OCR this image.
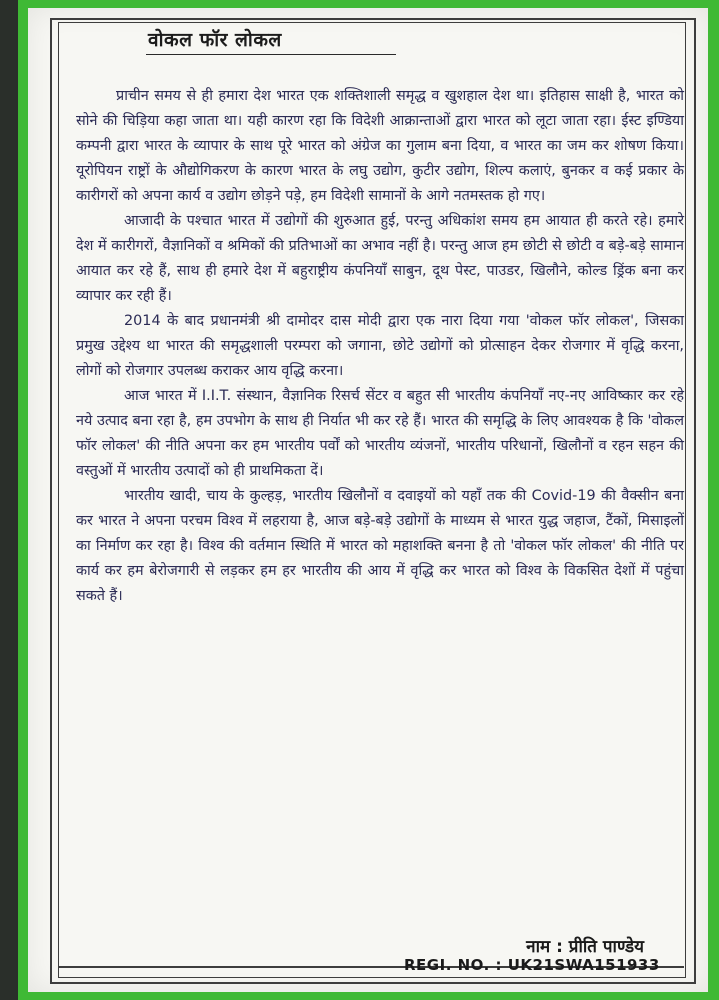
वोकल फॉर लोकल

प्राचीन समय से ही हमारा देश भारत एक शक्तिशाली समृद्ध व खुशहाल देश था। इतिहास साक्षी है, भारत को सोने की चिड़िया कहा जाता था। यही कारण रहा कि विदेशी आक्रान्ताओं द्वारा भारत को लूटा जाता रहा। ईस्ट इण्डिया कम्पनी द्वारा भारत के व्यापार के साथ पूरे भारत को अंग्रेज का गुलाम बना दिया, व भारत का जम कर शोषण किया। यूरोपियन राष्ट्रों के औद्योगिकरण के कारण भारत के लघु उद्योग, कुटीर उद्योग, शिल्प कलाएं, बुनकर व कई प्रकार के कारीगरों को अपना कार्य व उद्योग छोड़ने पड़े, हम विदेशी सामानों के आगे नतमस्तक हो गए।

आजादी के पश्चात भारत में उद्योगों की शुरुआत हुई, परन्तु अधिकांश समय हम आयात ही करते रहे। हमारे देश में कारीगरों, वैज्ञानिकों व श्रमिकों की प्रतिभाओं का अभाव नहीं है। परन्तु आज हम छोटी से छोटी व बड़े-बड़े सामान आयात कर रहे हैं, साथ ही हमारे देश में बहुराष्ट्रीय कंपनियाँ साबुन, दूथ पेस्ट, पाउडर, खिलौने, कोल्ड ड्रिंक बना कर व्यापार कर रही हैं।

2014 के बाद प्रधानमंत्री श्री दामोदर दास मोदी द्वारा एक नारा दिया गया 'वोकल फॉर लोकल', जिसका प्रमुख उद्देश्य था भारत की समृद्धशाली परम्परा को जगाना, छोटे उद्योगों को प्रोत्साहन देकर रोजगार में वृद्धि करना, लोगों को रोजगार उपलब्ध कराकर आय वृद्धि करना।

आज भारत में I.I.T. संस्थान, वैज्ञानिक रिसर्च सेंटर व बहुत सी भारतीय कंपनियाँ नए-नए आविष्कार कर रहे नये उत्पाद बना रहा है, हम उपभोग के साथ ही निर्यात भी कर रहे हैं। भारत की समृद्धि के लिए आवश्यक है कि 'वोकल फॉर लोकल' की नीति अपना कर हम भारतीय पर्वों को भारतीय व्यंजनों, भारतीय परिधानों, खिलौनों व रहन सहन की वस्तुओं में भारतीय उत्पादों को ही प्राथमिकता दें।

भारतीय खादी, चाय के कुल्हड़, भारतीय खिलौनों व दवाइयों को यहाँ तक की Covid-19 की वैक्सीन बना कर भारत ने अपना परचम विश्व में लहराया है, आज बड़े-बड़े उद्योगों के माध्यम से भारत युद्ध जहाज, टैंकों, मिसाइलों का निर्माण कर रहा है। विश्व की वर्तमान स्थिति में भारत को महाशक्ति बनना है तो 'वोकल फॉर लोकल' की नीति पर कार्य कर हम बेरोजगारी से लड़कर हम हर भारतीय की आय में वृद्धि कर भारत को विश्व के विकसित देशों में पहुंचा सकते हैं।

नाम : प्रीति पाण्डेय
REGI. NO. : UK21SWA151933
